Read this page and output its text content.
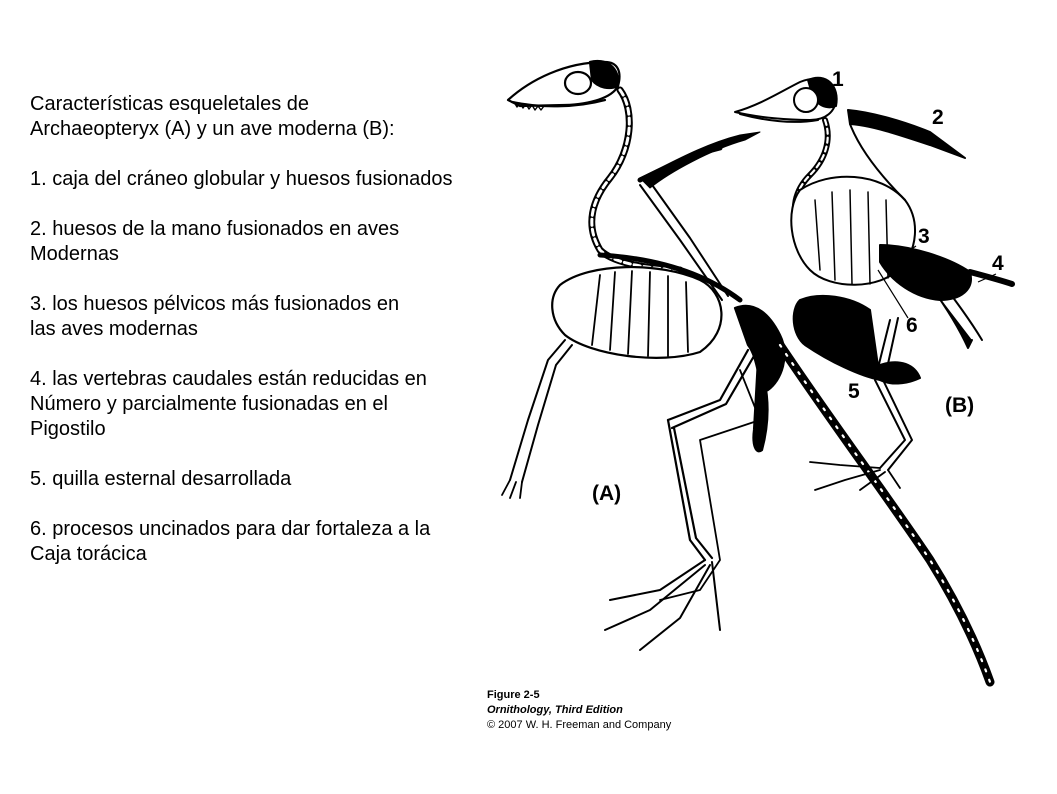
Características esqueletales de
Archaeopteryx (A) y un ave moderna (B):

1. caja del cráneo globular y huesos fusionados

2. huesos de la mano fusionados en aves
Modernas

3. los huesos pélvicos más fusionados en
las aves modernas

4. las vertebras caudales están reducidas en
Número y parcialmente fusionadas en el
Pigostilo

5. quilla esternal desarrollada

6. procesos uncinados para dar fortaleza a la
Caja torácica

1
2
3
4
5
6
(B)
(A)
Figure 2-5
Ornithology, Third Edition
© 2007 W. H. Freeman and Company
